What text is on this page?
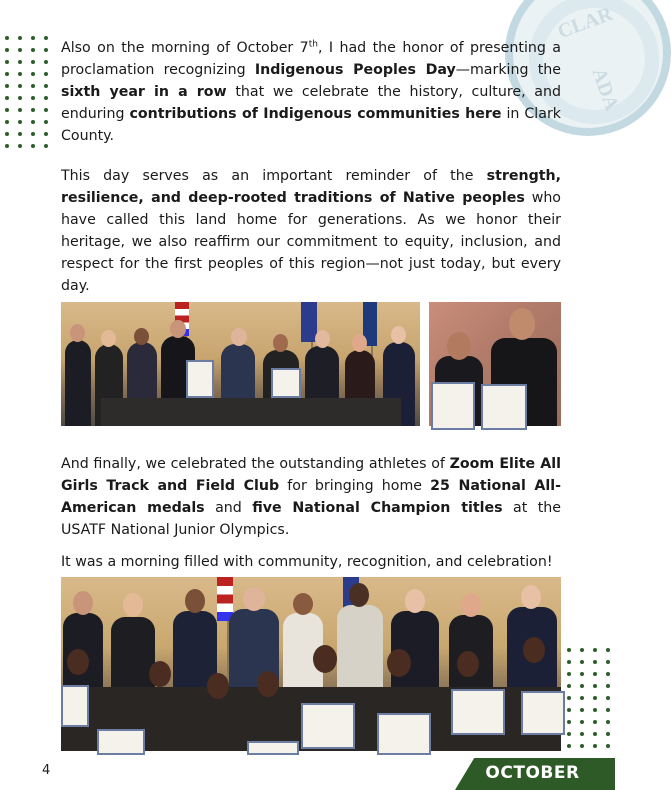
CLAR
ADA

Also on the morning of October 7th, I had the honor of presenting a proclamation recognizing Indigenous Peoples Day—marking the sixth year in a row that we celebrate the history, culture, and enduring contributions of Indigenous communities here in Clark County.

This day serves as an important reminder of the strength, resilience, and deep-rooted traditions of Native peoples who have called this land home for generations. As we honor their heritage, we also reaffirm our commitment to equity, inclusion, and respect for the first peoples of this region—not just today, but every day.

And finally, we celebrated the outstanding athletes of Zoom Elite All Girls Track and Field Club for bringing home 25 National All-American medals and five National Champion titles at the USATF National Junior Olympics.

It was a morning filled with community, recognition, and celebration!

4	OCTOBER
